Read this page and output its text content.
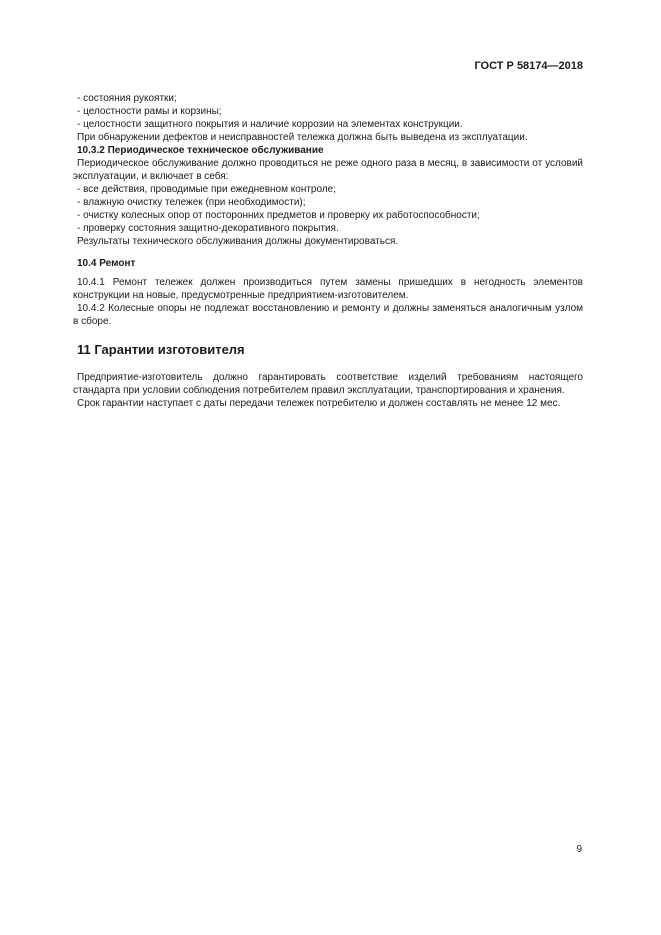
ГОСТ Р 58174—2018

- состояния рукоятки;

- целостности рамы и корзины;

- целостности защитного покрытия и наличие коррозии на элементах конструкции.

При обнаружении дефектов и неисправностей тележка должна быть выведена из эксплуатации.

10.3.2 Периодическое техническое обслуживание

Периодическое обслуживание должно проводиться не реже одного раза в месяц, в зависимости от условий эксплуатации, и включает в себя:

- все действия, проводимые при ежедневном контроле;

- влажную очистку тележек (при необходимости);

- очистку колесных опор от посторонних предметов и проверку их работоспособности;

- проверку состояния защитно-декоративного покрытия.

Результаты технического обслуживания должны документироваться.

10.4 Ремонт

10.4.1 Ремонт тележек должен производиться путем замены пришедших в негодность элементов конструкции на новые, предусмотренные предприятием-изготовителем.

10.4.2 Колесные опоры не подлежат восстановлению и ремонту и должны заменяться аналогичным узлом в сборе.

11 Гарантии изготовителя

Предприятие-изготовитель должно гарантировать соответствие изделий требованиям настоящего стандарта при условии соблюдения потребителем правил эксплуатации, транспортирования и хранения.

Срок гарантии наступает с даты передачи тележек потребителю и должен составлять не менее 12 мес.

9
